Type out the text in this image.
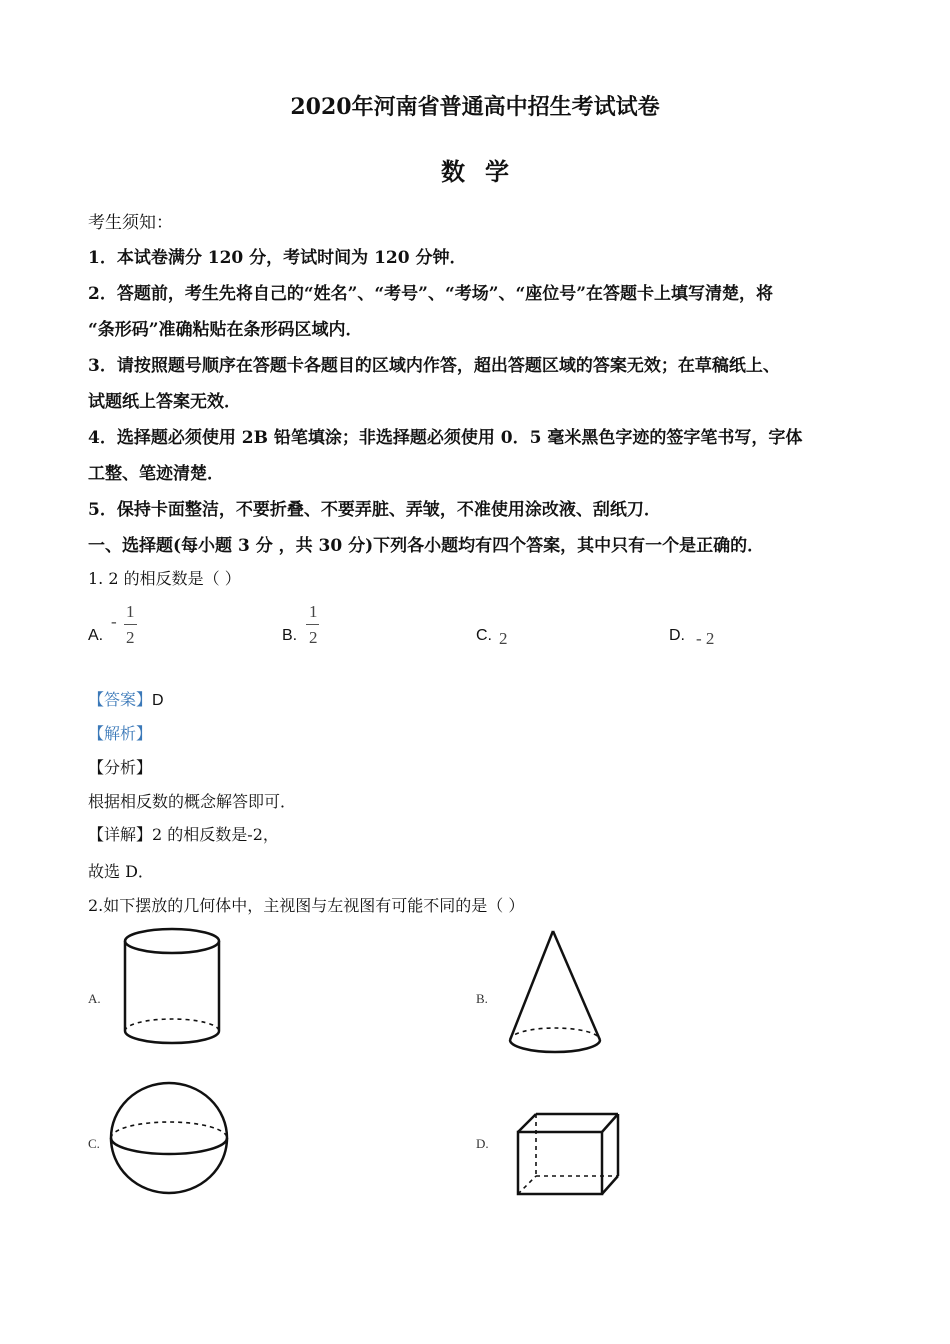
2020年河南省普通高中招生考试试卷
数学
考生须知：
1．本试卷满分 120 分，考试时间为 120 分钟．
2．答题前，考生先将自己的“姓名”、“考号”、“考场”、“座位号”在答题卡上填写清楚，将
“条形码”准确粘贴在条形码区域内．
3．请按照题号顺序在答题卡各题目的区域内作答，超出答题区域的答案无效；在草稿纸上、
试题纸上答案无效．
4．选择题必须使用 2B 铅笔填涂；非选择题必须使用 0．5 毫米黑色字迹的签字笔书写，字体
工整、笔迹清楚．
5．保持卡面整洁，不要折叠、不要弄脏、弄皱，不准使用涂改液、刮纸刀．
一、选择题(每小题 3 分 ，共 30 分)下列各小题均有四个答案，其中只有一个是正确的．
1. 2 的相反数是（ ）
A.
-
1
2	B.
1
2	C. 2	D. - 2
【答案】D
【解析】
【分析】
根据相反数的概念解答即可．
【详解】2 的相反数是-2，
故选 D．
2.如下摆放的几何体中，主视图与左视图有可能不同的是（ ）
A.	B.
C.	D.
